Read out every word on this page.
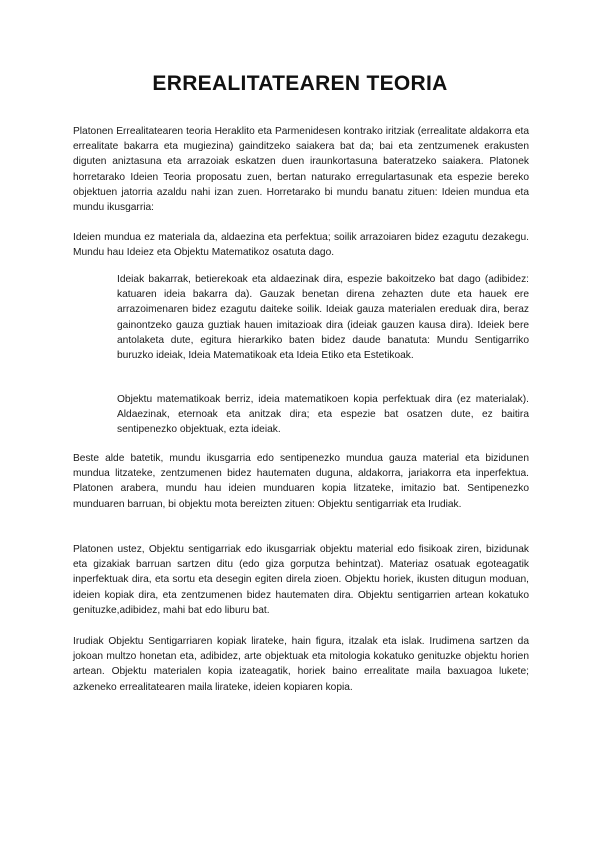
ERREALITATEAREN TEORIA

Platonen Errealitatearen teoria Heraklito eta Parmenidesen kontrako iritziak (errealitate aldakorra eta errealitate bakarra eta mugiezina) gainditzeko saiakera bat da; bai eta zentzumenek erakusten diguten aniztasuna eta arrazoiak eskatzen duen iraunkortasuna bateratzeko saiakera. Platonek horretarako Ideien Teoria proposatu zuen, bertan naturako erregulartasunak eta espezie bereko objektuen jatorria azaldu nahi izan zuen. Horretarako bi mundu banatu zituen: Ideien mundua eta mundu ikusgarria:

Ideien mundua ez materiala da, aldaezina eta perfektua; soilik arrazoiaren bidez ezagutu dezakegu. Mundu hau Ideiez eta Objektu Matematikoz osatuta dago.

Ideiak bakarrak, betierekoak eta aldaezinak dira, espezie bakoitzeko bat dago (adibidez: katuaren ideia bakarra da). Gauzak benetan direna zehazten dute eta hauek ere arrazoimenaren bidez ezagutu daiteke soilik. Ideiak gauza materialen ereduak dira, beraz gainontzeko gauza guztiak hauen imitazioak dira (ideiak gauzen kausa dira). Ideiek bere antolaketa dute, egitura hierarkiko baten bidez daude banatuta: Mundu Sentigarriko buruzko ideiak, Ideia Matematikoak eta Ideia Etiko eta Estetikoak.

Objektu matematikoak berriz, ideia matematikoen kopia perfektuak dira (ez materialak). Aldaezinak, eternoak eta anitzak dira; eta espezie bat osatzen dute, ez baitira sentipenezko objektuak, ezta ideiak.

Beste alde batetik, mundu ikusgarria edo sentipenezko mundua gauza material eta bizidunen mundua litzateke, zentzumenen bidez hautematen duguna, aldakorra, jariakorra eta inperfektua. Platonen arabera, mundu hau ideien munduaren kopia litzateke, imitazio bat. Sentipenezko munduaren barruan, bi objektu mota bereizten zituen: Objektu sentigarriak eta Irudiak.

Platonen ustez, Objektu sentigarriak edo ikusgarriak objektu material edo fisikoak ziren, bizidunak eta gizakiak barruan sartzen ditu (edo giza gorputza behintzat). Materiaz osatuak egoteagatik inperfektuak dira, eta sortu eta desegin egiten direla zioen. Objektu horiek, ikusten ditugun moduan, ideien kopiak dira, eta zentzumenen bidez hautematen dira. Objektu sentigarrien artean kokatuko genituzke,adibidez, mahi bat edo liburu bat.

Irudiak Objektu Sentigarriaren kopiak lirateke, hain figura, itzalak eta islak. Irudimena sartzen da jokoan multzo honetan eta, adibidez, arte objektuak eta mitologia kokatuko genituzke objektu horien artean. Objektu materialen kopia izateagatik, horiek baino errealitate maila baxuagoa lukete; azkeneko errealitatearen maila lirateke, ideien kopiaren kopia.
